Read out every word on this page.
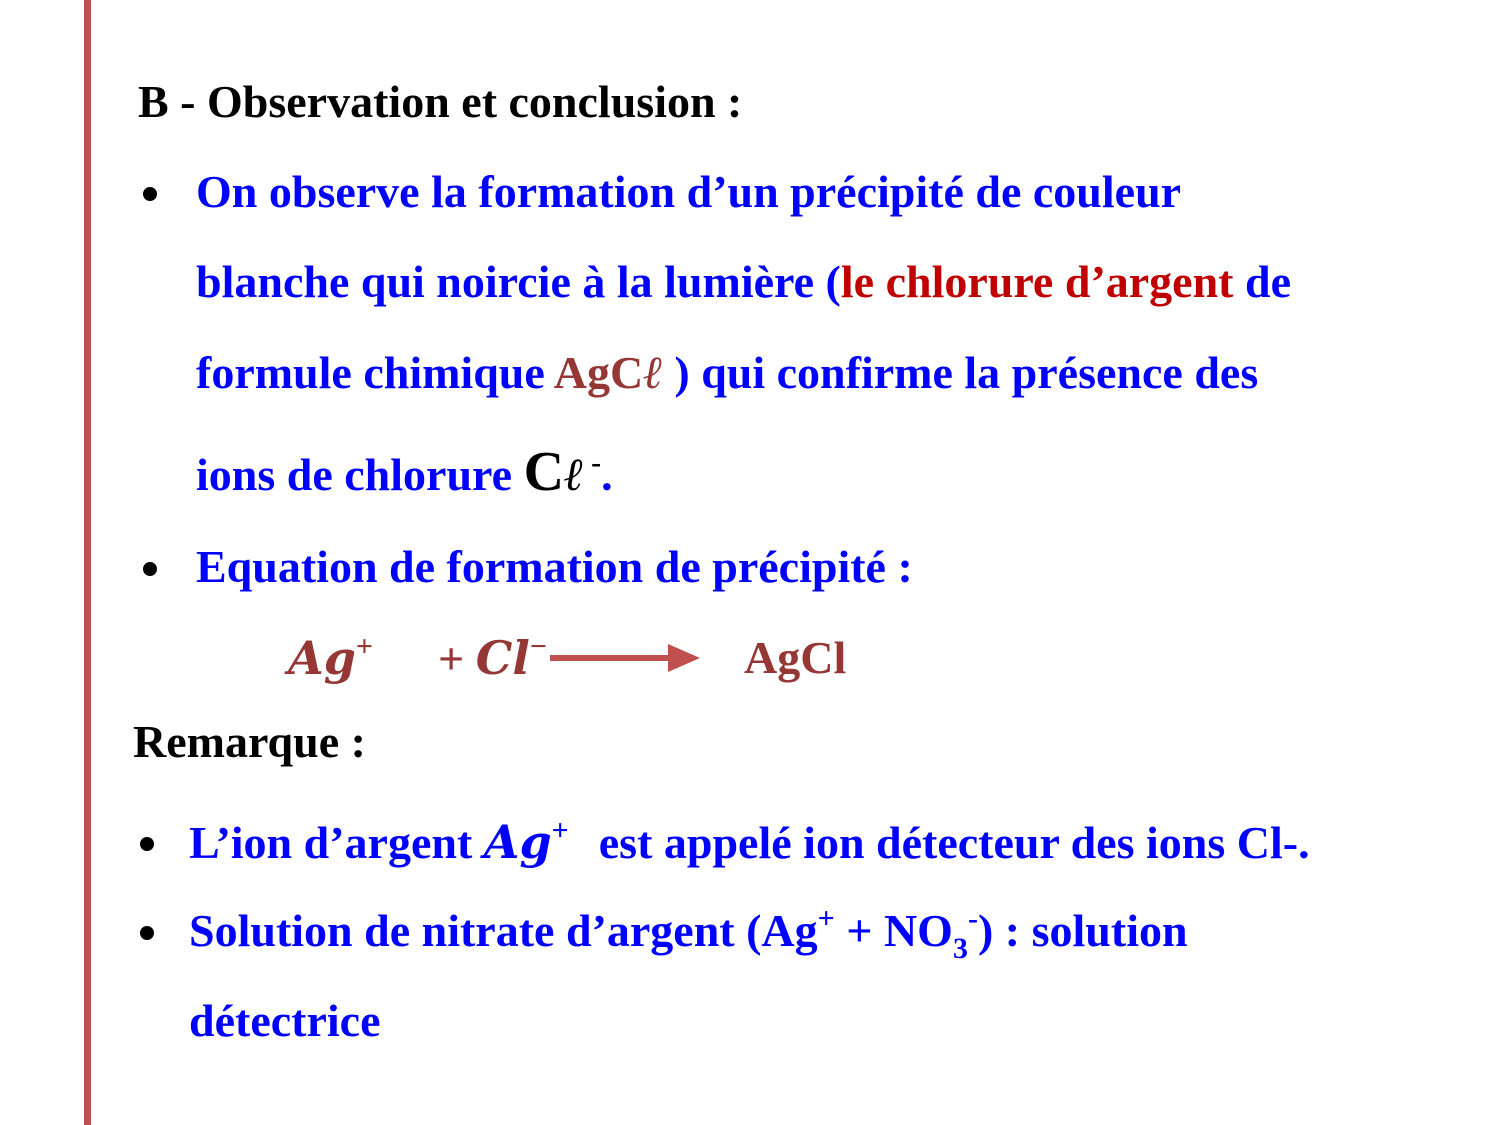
B - Observation et conclusion :
On observe la formation d’un précipité de couleur
blanche qui noircie à la lumière (le chlorure d’argent de
formule chimique AgCℓ ) qui confirme la présence des
ions de chlorure Cℓ -.
Equation de formation de précipité :
Ag+ + Cl−	AgCl
Remarque :
L’ion d’argent Ag+ est appelé ion détecteur des ions Cl-.
Solution de nitrate d’argent $(Ag^+ + NO_3^-)$ : solution
détectrice
